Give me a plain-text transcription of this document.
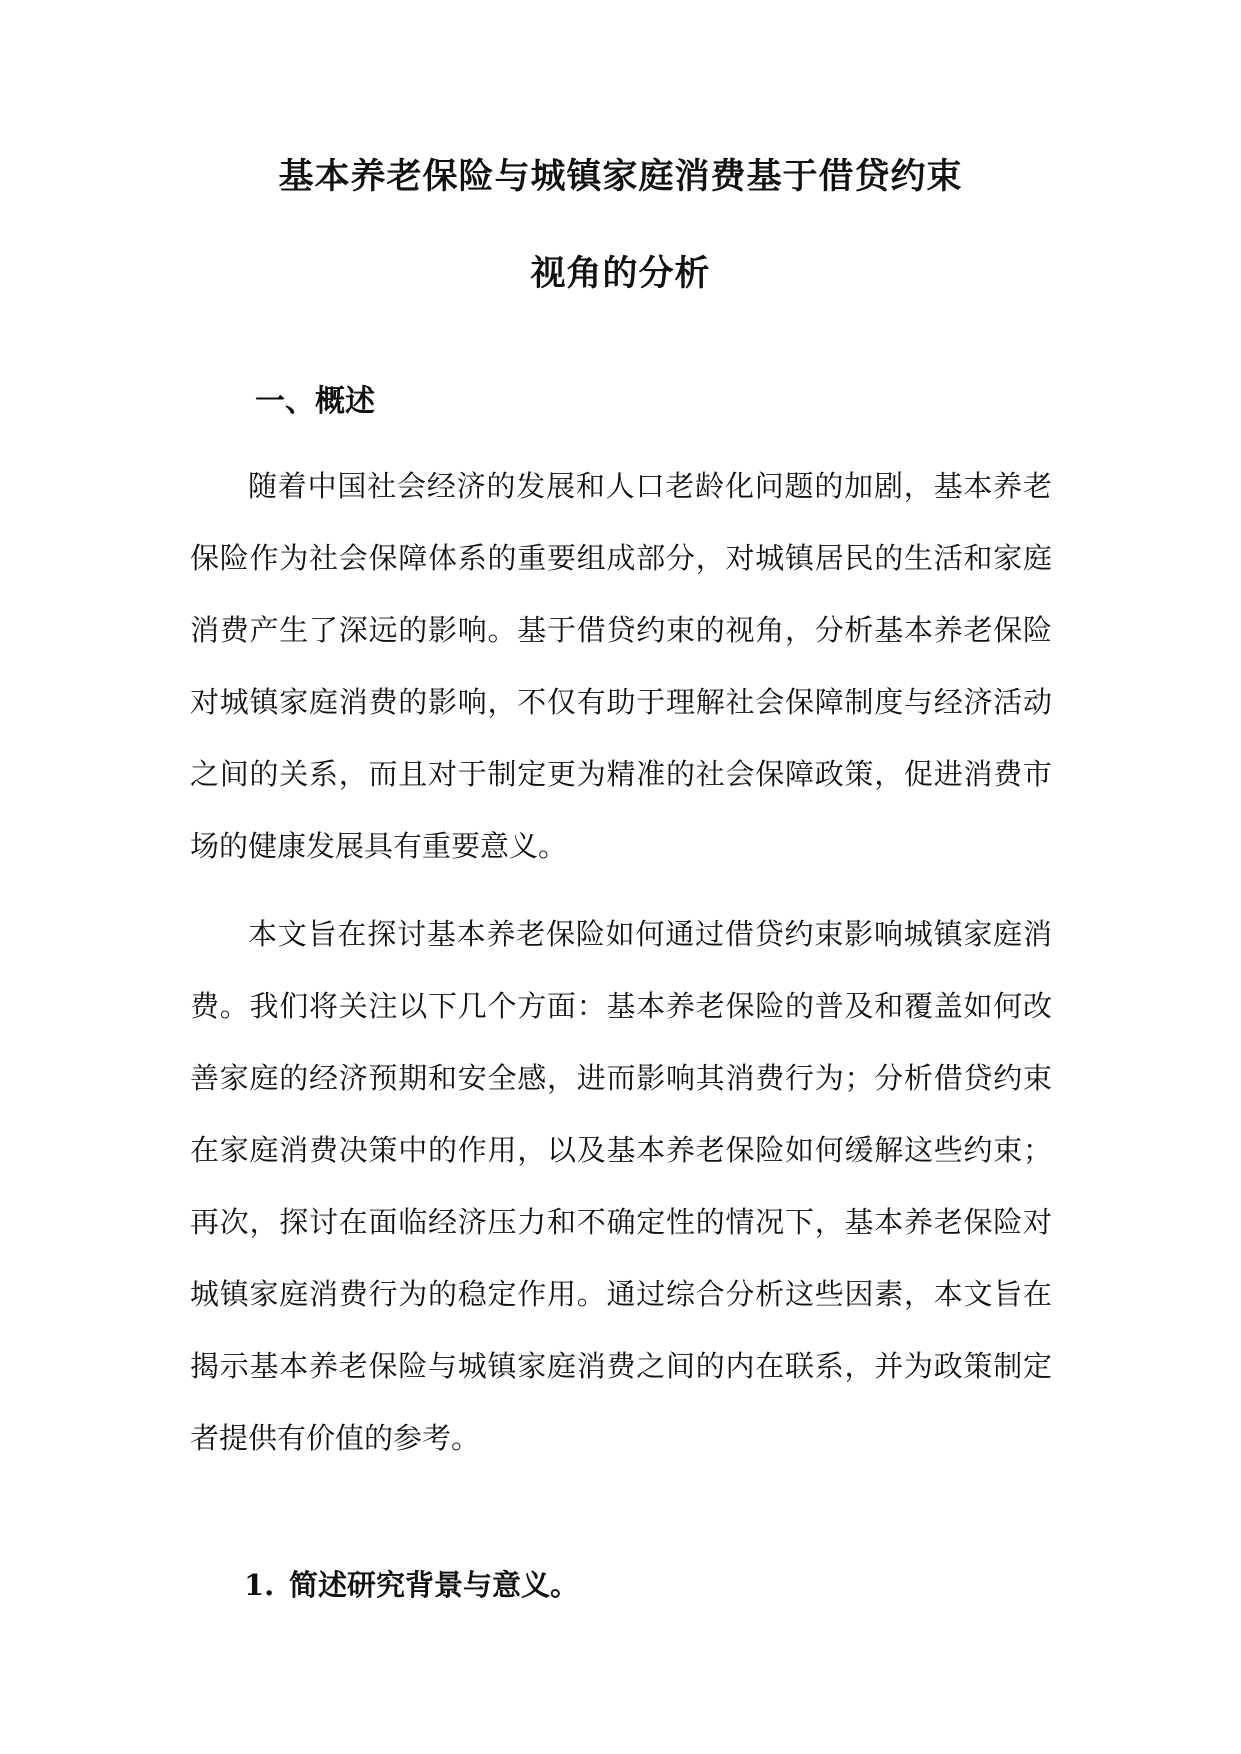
基本养老保险与城镇家庭消费基于借贷约束
视角的分析
一、概述

随着中国社会经济的发展和人口老龄化问题的加剧，基本养老保险作为社会保障体系的重要组成部分，对城镇居民的生活和家庭消费产生了深远的影响。基于借贷约束的视角，分析基本养老保险对城镇家庭消费的影响，不仅有助于理解社会保障制度与经济活动之间的关系，而且对于制定更为精准的社会保障政策，促进消费市场的健康发展具有重要意义。

本文旨在探讨基本养老保险如何通过借贷约束影响城镇家庭消费。我们将关注以下几个方面：基本养老保险的普及和覆盖如何改善家庭的经济预期和安全感，进而影响其消费行为；分析借贷约束在家庭消费决策中的作用，以及基本养老保险如何缓解这些约束；再次，探讨在面临经济压力和不确定性的情况下，基本养老保险对城镇家庭消费行为的稳定作用。通过综合分析这些因素，本文旨在揭示基本养老保险与城镇家庭消费之间的内在联系，并为政策制定者提供有价值的参考。

1. 简述研究背景与意义。
